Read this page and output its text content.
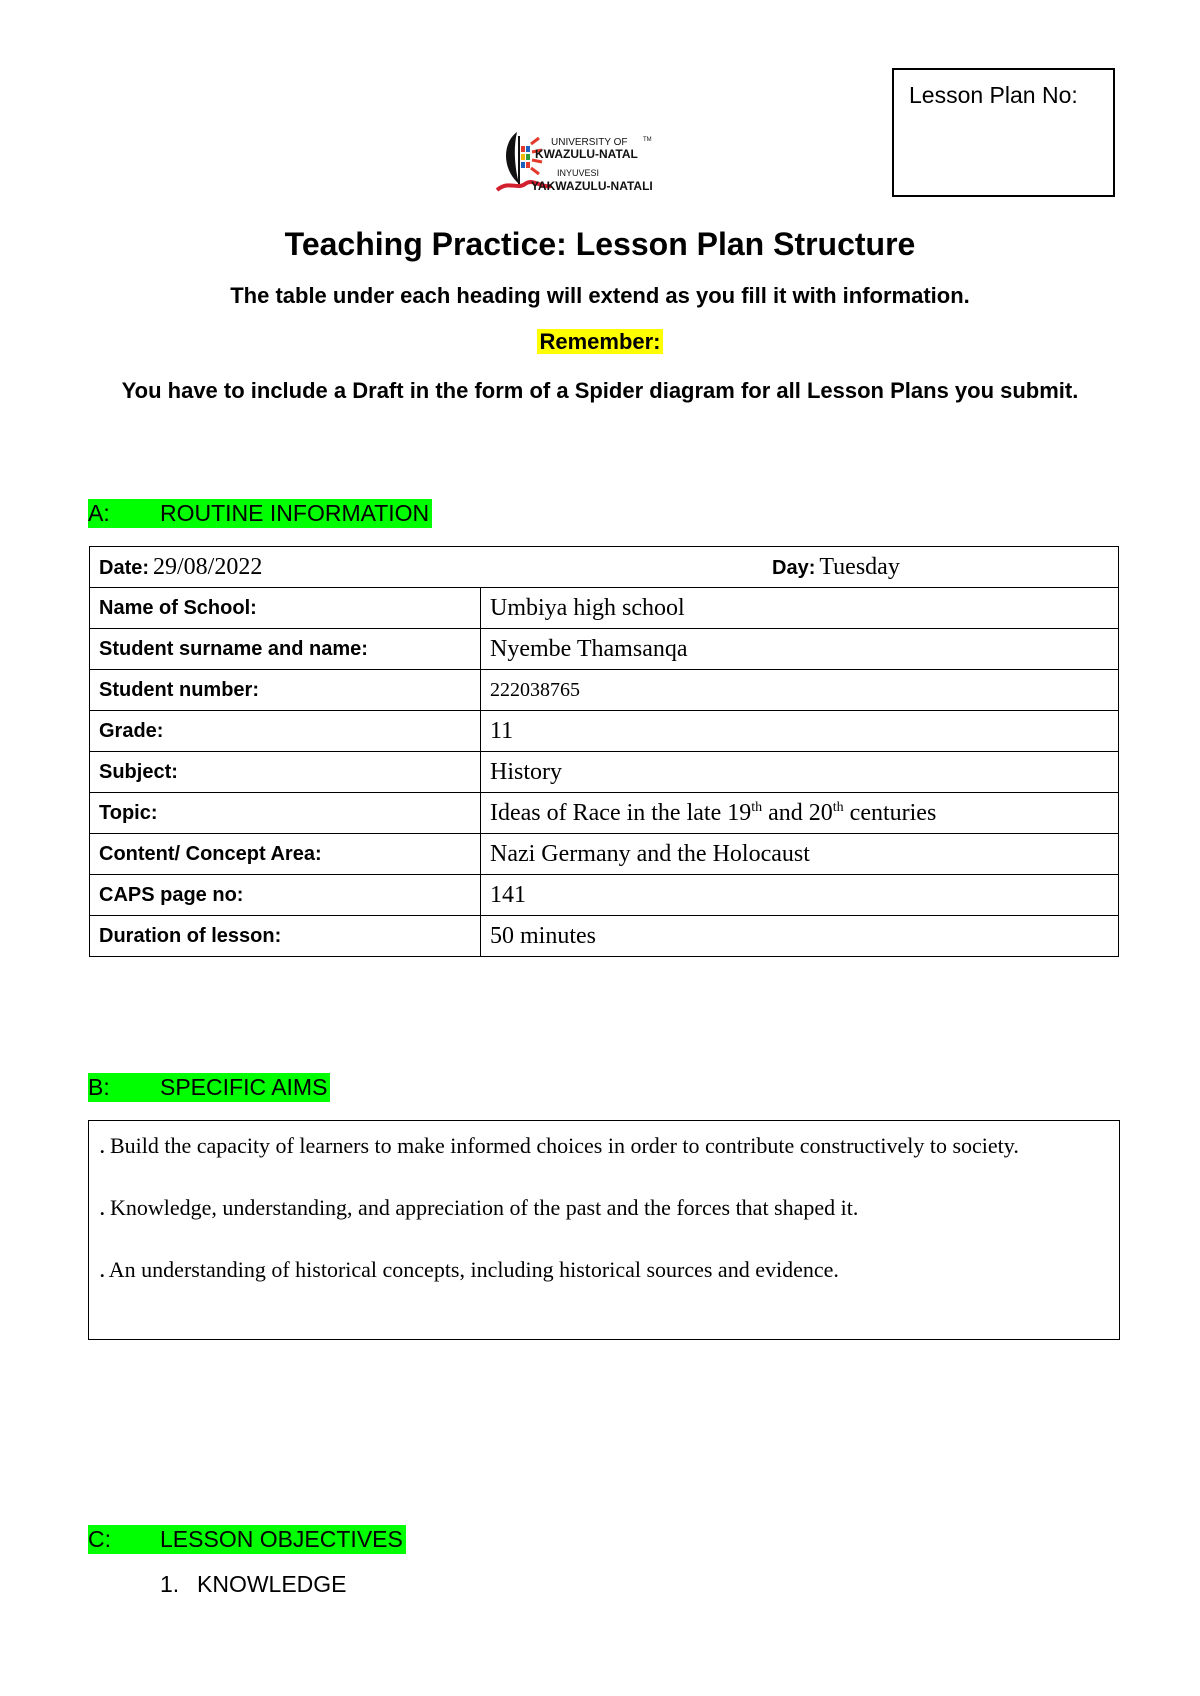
Lesson Plan No:
UNIVERSITY OF	TM
KWAZULU-NATAL
INYUVESI
YAKWAZULU-NATALI
Teaching Practice: Lesson Plan Structure
The table under each heading will extend as you fill it with information.
Remember:
You have to include a Draft in the form of a Spider diagram for all Lesson Plans you submit.
A: ROUTINE INFORMATION
Date: 29/08/2022 Day: Tuesday	

Name of School:	Umbiya high school
Student surname and name:	Nyembe Thamsanqa
Student number:	222038765
Grade:	11
Subject:	History
Topic:	Ideas of Race in the late 19th and 20th centuries
Content/ Concept Area:	Nazi Germany and the Holocaust
CAPS page no:	141
Duration of lesson:	50 minutes
B: SPECIFIC AIMS

. Build the capacity of learners to make informed choices in order to contribute constructively to society.

. Knowledge, understanding, and appreciation of the past and the forces that shaped it.

. An understanding of historical concepts, including historical sources and evidence.

C: LESSON OBJECTIVES
1. KNOWLEDGE
